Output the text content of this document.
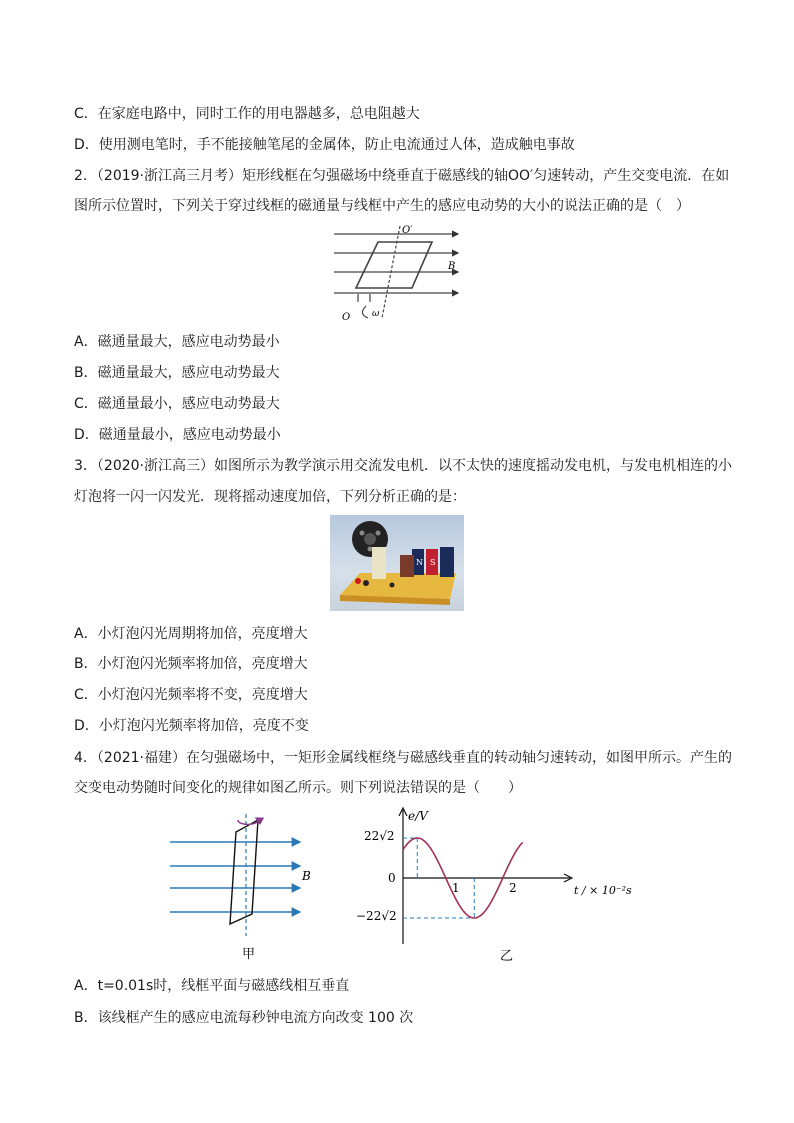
C．在家庭电路中，同时工作的用电器越多，总电阻越大
D．使用测电笔时，手不能接触笔尾的金属体，防止电流通过人体，造成触电事故
2．（2019·浙江高三月考）矩形线框在匀强磁场中绕垂直于磁感线的轴OO′匀速转动，产生交变电流．在如
图所示位置时，下列关于穿过线框的磁通量与线框中产生的感应电动势的大小的说法正确的是（　）
O′
O
B
ω
A．磁通量最大，感应电动势最小
B．磁通量最大，感应电动势最大
C．磁通量最小，感应电动势最大
D．磁通量最小，感应电动势最小
3．（2020·浙江高三）如图所示为教学演示用交流发电机．以不太快的速度摇动发电机，与发电机相连的小
灯泡将一闪一闪发光．现将摇动速度加倍，下列分析正确的是：
N S
A．小灯泡闪光周期将加倍，亮度增大
B．小灯泡闪光频率将加倍，亮度增大
C．小灯泡闪光频率将不变，亮度增大
D．小灯泡闪光频率将加倍，亮度不变
4．（2021·福建）在匀强磁场中，一矩形金属线框绕与磁感线垂直的转动轴匀速转动，如图甲所示。产生的
交变电动势随时间变化的规律如图乙所示。则下列说法错误的是（　　）
B
甲
e/V
22√2
0
−22√2
1	2	t / × 10⁻²s
乙
A．t=0.01s时，线框平面与磁感线相互垂直
B．该线框产生的感应电流每秒钟电流方向改变 100 次
